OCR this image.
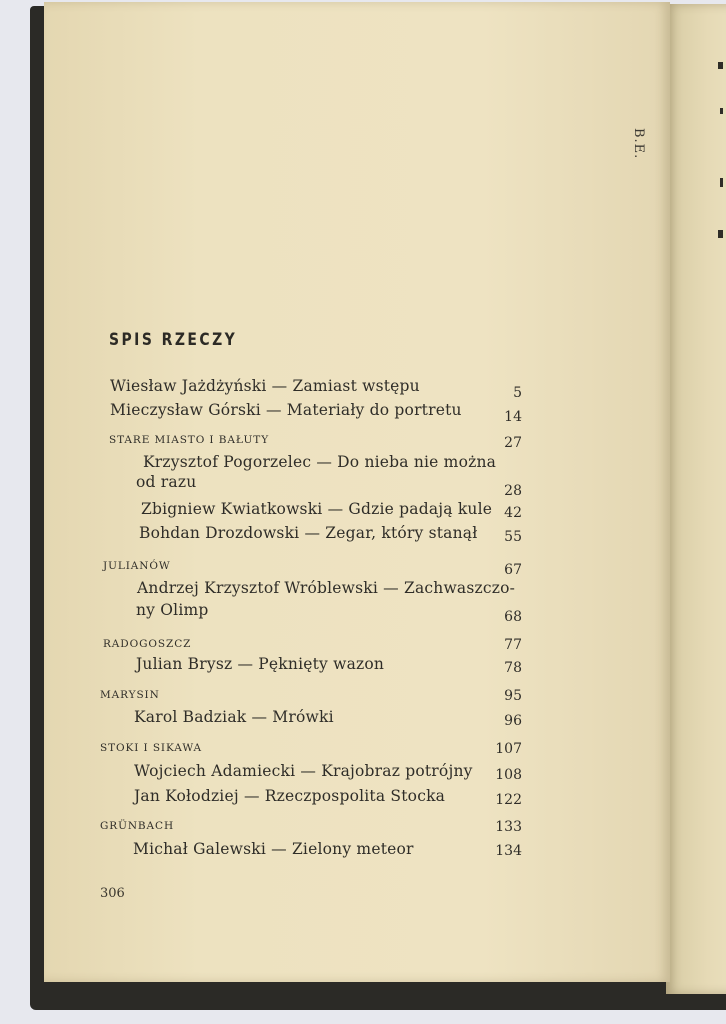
B.E.
SPIS RZECZY
Wiesław Jażdżyński — Zamiast wstępu	5
Mieczysław Górski — Materiały do portretu	14
STARE MIASTO I BAŁUTY	27
Krzysztof Pogorzelec — Do nieba nie można
od razu	28
Zbigniew Kwiatkowski — Gdzie padają kule 42
Bohdan Drozdowski — Zegar, który stanął 55
JULIANÓW	67
Andrzej Krzysztof Wróblewski — Zachwaszczo-
ny Olimp	68
RADOGOSZCZ	77
Julian Brysz — Pęknięty wazon	78
MARYSIN	95
Karol Badziak — Mrówki	96
STOKI I SIKAWA	107
Wojciech Adamiecki — Krajobraz potrójny 108
Jan Kołodziej — Rzeczpospolita Stocka	122
GRÜNBACH	133
Michał Galewski — Zielony meteor	134
306
